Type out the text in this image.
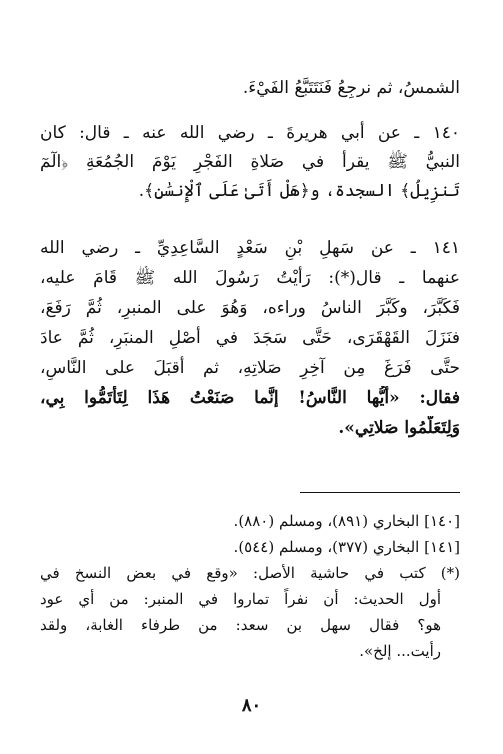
الشمسُ، ثم نرجِعُ فَنَتَتَبَّعُ الفَيْءَ.
١٤٠ ـ عن أبي هريرةَ ـ رضي الله عنه ـ قال: كان
النبيُّ ﷺ يقرأُ في صَلاةِ الفَجْرِ يَوْمَ الجُمُعَةِ ﴿الٓمٓ
تَنزِيلُ﴾ السجدة، و﴿هَلْ أَتَىٰ عَلَى ٱلْإِنسَٰنِ﴾.
١٤١ ـ عن سَهلِ بْنِ سَعْدٍ السَّاعِدِيِّ ـ رضي الله
عنهما ـ قال(*): رَأَيْتُ رَسُولَ الله ﷺ قَامَ عليه،
فَكَبَّرَ، وكَبَّرَ الناسُ وراءه، وَهُوَ على المنبرِ، ثُمَّ رَفَعَ،
فنَزَلَ القَهْقَرَى، حَتَّى سَجَدَ في أَصْلِ المنبَرِ، ثُمَّ عادَ
حتَّى فَرَغَ مِن آخِرِ صَلاتِهِ، ثم أقبَلَ على النَّاسِ،
فقال: «أيُّها النَّاسُ! إنَّما صَنَعْتُ هَذَا لِتَأْتَمُّوا بِي،
وَلِتَعَلَّمُوا صَلاتِي».
[١٤٠] البخاري (٨٩١)، ومسلم (٨٨٠).
[١٤١] البخاري (٣٧٧)، ومسلم (٥٤٤).
(*) كتب في حاشية الأصل: «وقع في بعض النسخ في
أول الحديث: أن نفراً تماروا في المنبر: من أي عود
هو؟ فقال سهل بن سعد: من طرفاء الغابة، ولقد
رأيت... إلخ».
٨٠
